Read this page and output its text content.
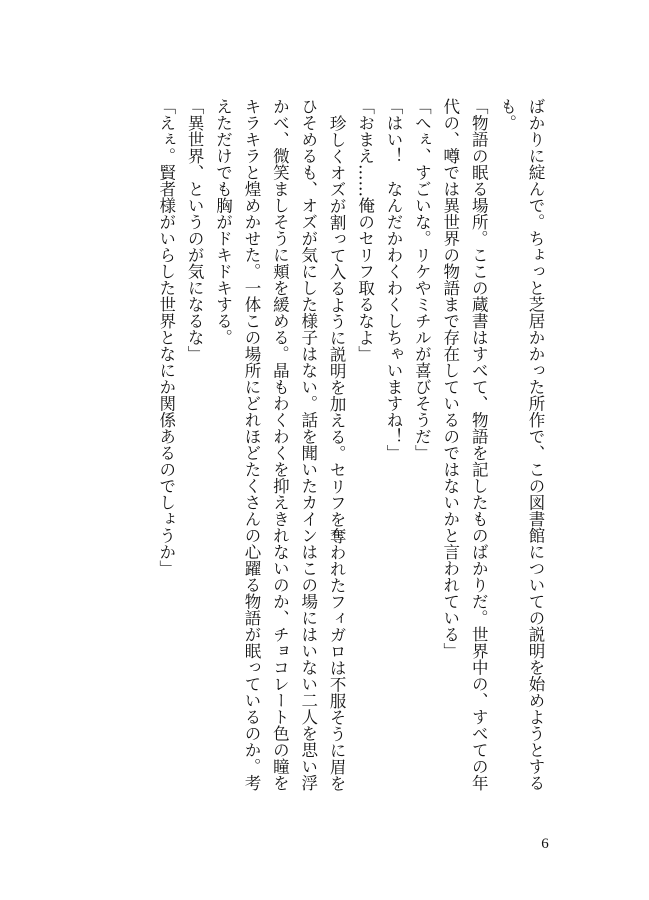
ばかりに綻んで。ちょっと芝居かかった所作で、この図書館についての説明を始めようとする

も。

「物語の眠る場所。ここの蔵書はすべて、物語を記したものばかりだ。世界中の、すべての年

代の、噂では異世界の物語まで存在しているのではないかと言われている」

「へぇ、すごいな。リケやミチルが喜びそうだ」

「はい！　なんだかわくわくしちゃいますね！」

「おまえ……俺のセリフ取るなよ」

珍しくオズが割って入るように説明を加える。セリフを奪われたフィガロは不服そうに眉を

ひそめるも、オズが気にした様子はない。話を聞いたカインはこの場にはいない二人を思い浮

かべ、微笑ましそうに頬を緩める。晶もわくわくを抑えきれないのか、チョコレート色の瞳を

キラキラと煌めかせた。一体この場所にどれほどたくさんの心躍る物語が眠っているのか。考

えただけでも胸がドキドキする。

「異世界、というのが気になるな」

「えぇ。賢者様がいらした世界となにか関係あるのでしょうか」

6
